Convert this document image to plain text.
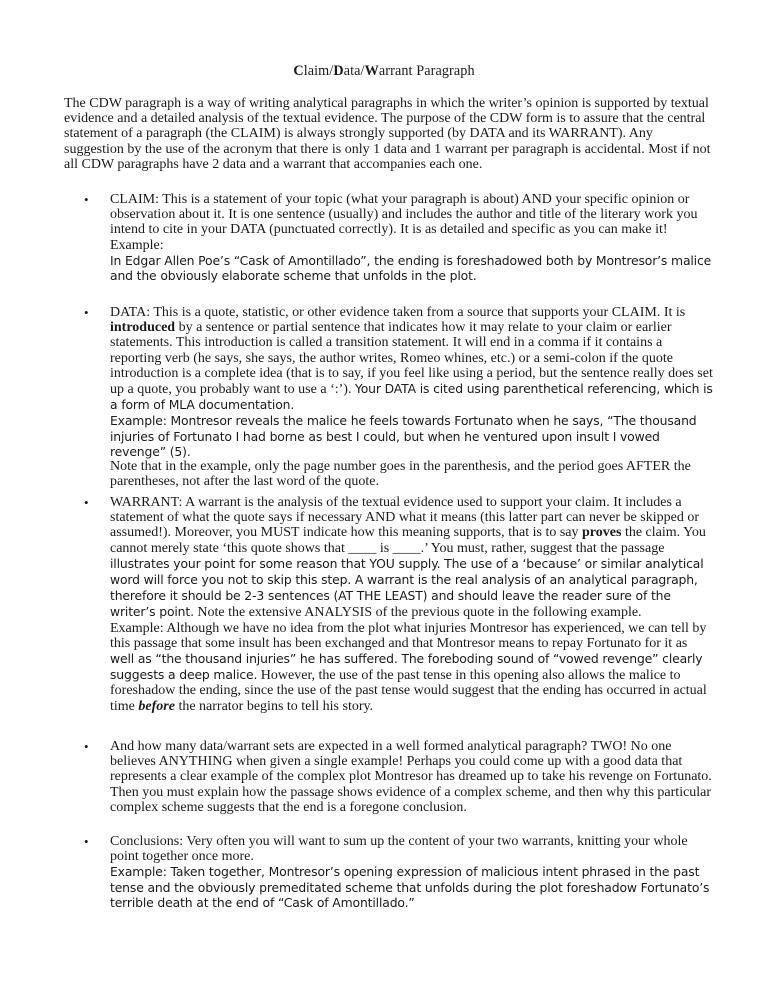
Claim/Data/Warrant Paragraph

The CDW paragraph is a way of writing analytical paragraphs in which the writer’s opinion is supported by textual evidence and a detailed analysis of the textual evidence. The purpose of the CDW form is to assure that the central statement of a paragraph (the CLAIM) is always strongly supported (by DATA and its WARRANT). Any suggestion by the use of the acronym that there is only 1 data and 1 warrant per paragraph is accidental. Most if not all CDW paragraphs have 2 data and a warrant that accompanies each one.

• CLAIM: This is a statement of your topic (what your paragraph is about) AND your specific opinion or observation about it. It is one sentence (usually) and includes the author and title of the literary work you intend to cite in your DATA (punctuated correctly). It is as detailed and specific as you can make it!

Example:

In Edgar Allen Poe’s “Cask of Amontillado”, the ending is foreshadowed both by Montresor’s malice and the obviously elaborate scheme that unfolds in the plot.

• DATA: This is a quote, statistic, or other evidence taken from a source that supports your CLAIM. It is introduced by a sentence or partial sentence that indicates how it may relate to your claim or earlier statements. This introduction is called a transition statement. It will end in a comma if it contains a reporting verb (he says, she says, the author writes, Romeo whines, etc.) or a semi-colon if the quote introduction is a complete idea (that is to say, if you feel like using a period, but the sentence really does set up a quote, you probably want to use a ‘:’). Your DATA is cited using parenthetical referencing, which is a form of MLA documentation.

Example: Montresor reveals the malice he feels towards Fortunato when he says, “The thousand injuries of Fortunato I had borne as best I could, but when he ventured upon insult I vowed revenge” (5).

Note that in the example, only the page number goes in the parenthesis, and the period goes AFTER the parentheses, not after the last word of the quote.

• WARRANT: A warrant is the analysis of the textual evidence used to support your claim. It includes a statement of what the quote says if necessary AND what it means (this latter part can never be skipped or assumed!). Moreover, you MUST indicate how this meaning supports, that is to say proves the claim. You cannot merely state ‘this quote shows that ____ is ____.’ You must, rather, suggest that the passage illustrates your point for some reason that YOU supply. The use of a ‘because’ or similar analytical word will force you not to skip this step. A warrant is the real analysis of an analytical paragraph, therefore it should be 2-3 sentences (AT THE LEAST) and should leave the reader sure of the writer’s point. Note the extensive ANALYSIS of the previous quote in the following example.

Example: Although we have no idea from the plot what injuries Montresor has experienced, we can tell by this passage that some insult has been exchanged and that Montresor means to repay Fortunato for it as well as “the thousand injuries” he has suffered. The foreboding sound of “vowed revenge” clearly suggests a deep malice. However, the use of the past tense in this opening also allows the malice to foreshadow the ending, since the use of the past tense would suggest that the ending has occurred in actual time before the narrator begins to tell his story.

• And how many data/warrant sets are expected in a well formed analytical paragraph? TWO! No one believes ANYTHING when given a single example! Perhaps you could come up with a good data that represents a clear example of the complex plot Montresor has dreamed up to take his revenge on Fortunato. Then you must explain how the passage shows evidence of a complex scheme, and then why this particular complex scheme suggests that the end is a foregone conclusion.

• Conclusions: Very often you will want to sum up the content of your two warrants, knitting your whole point together once more.

Example: Taken together, Montresor’s opening expression of malicious intent phrased in the past tense and the obviously premeditated scheme that unfolds during the plot foreshadow Fortunato’s terrible death at the end of “Cask of Amontillado.”
